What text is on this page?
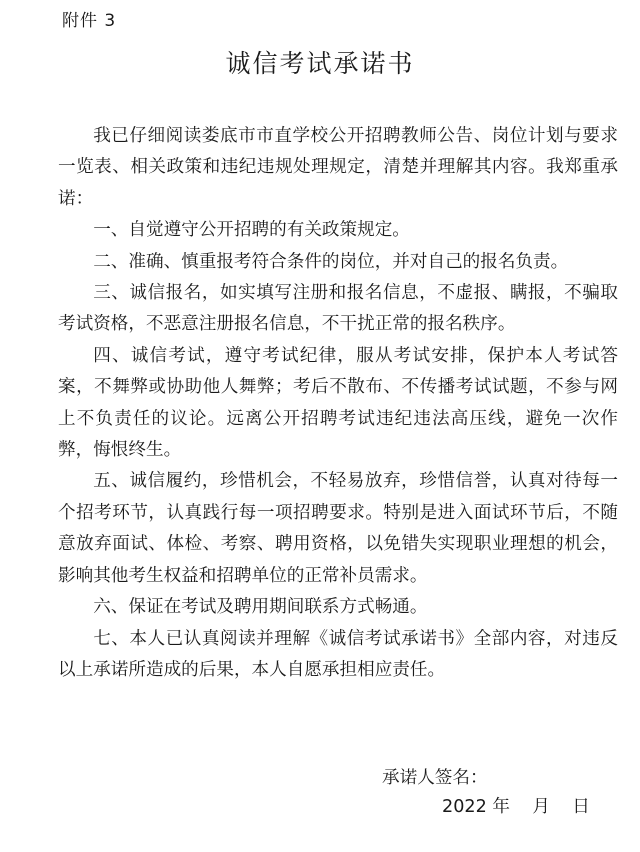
附件 3
诚信考试承诺书

我已仔细阅读娄底市市直学校公开招聘教师公告、岗位计划与要求一览表、相关政策和违纪违规处理规定，清楚并理解其内容。我郑重承诺：

一、自觉遵守公开招聘的有关政策规定。

二、准确、慎重报考符合条件的岗位，并对自己的报名负责。

三、诚信报名，如实填写注册和报名信息，不虚报、瞒报，不骗取考试资格，不恶意注册报名信息，不干扰正常的报名秩序。

四、诚信考试，遵守考试纪律，服从考试安排，保护本人考试答案，不舞弊或协助他人舞弊；考后不散布、不传播考试试题，不参与网上不负责任的议论。远离公开招聘考试违纪违法高压线，避免一次作弊，悔恨终生。

五、诚信履约，珍惜机会，不轻易放弃，珍惜信誉，认真对待每一个招考环节，认真践行每一项招聘要求。特别是进入面试环节后，不随意放弃面试、体检、考察、聘用资格，以免错失实现职业理想的机会，影响其他考生权益和招聘单位的正常补员需求。

六、保证在考试及聘用期间联系方式畅通。

七、本人已认真阅读并理解《诚信考试承诺书》全部内容，对违反以上承诺所造成的后果，本人自愿承担相应责任。

承诺人签名：
2022 年    月    日
